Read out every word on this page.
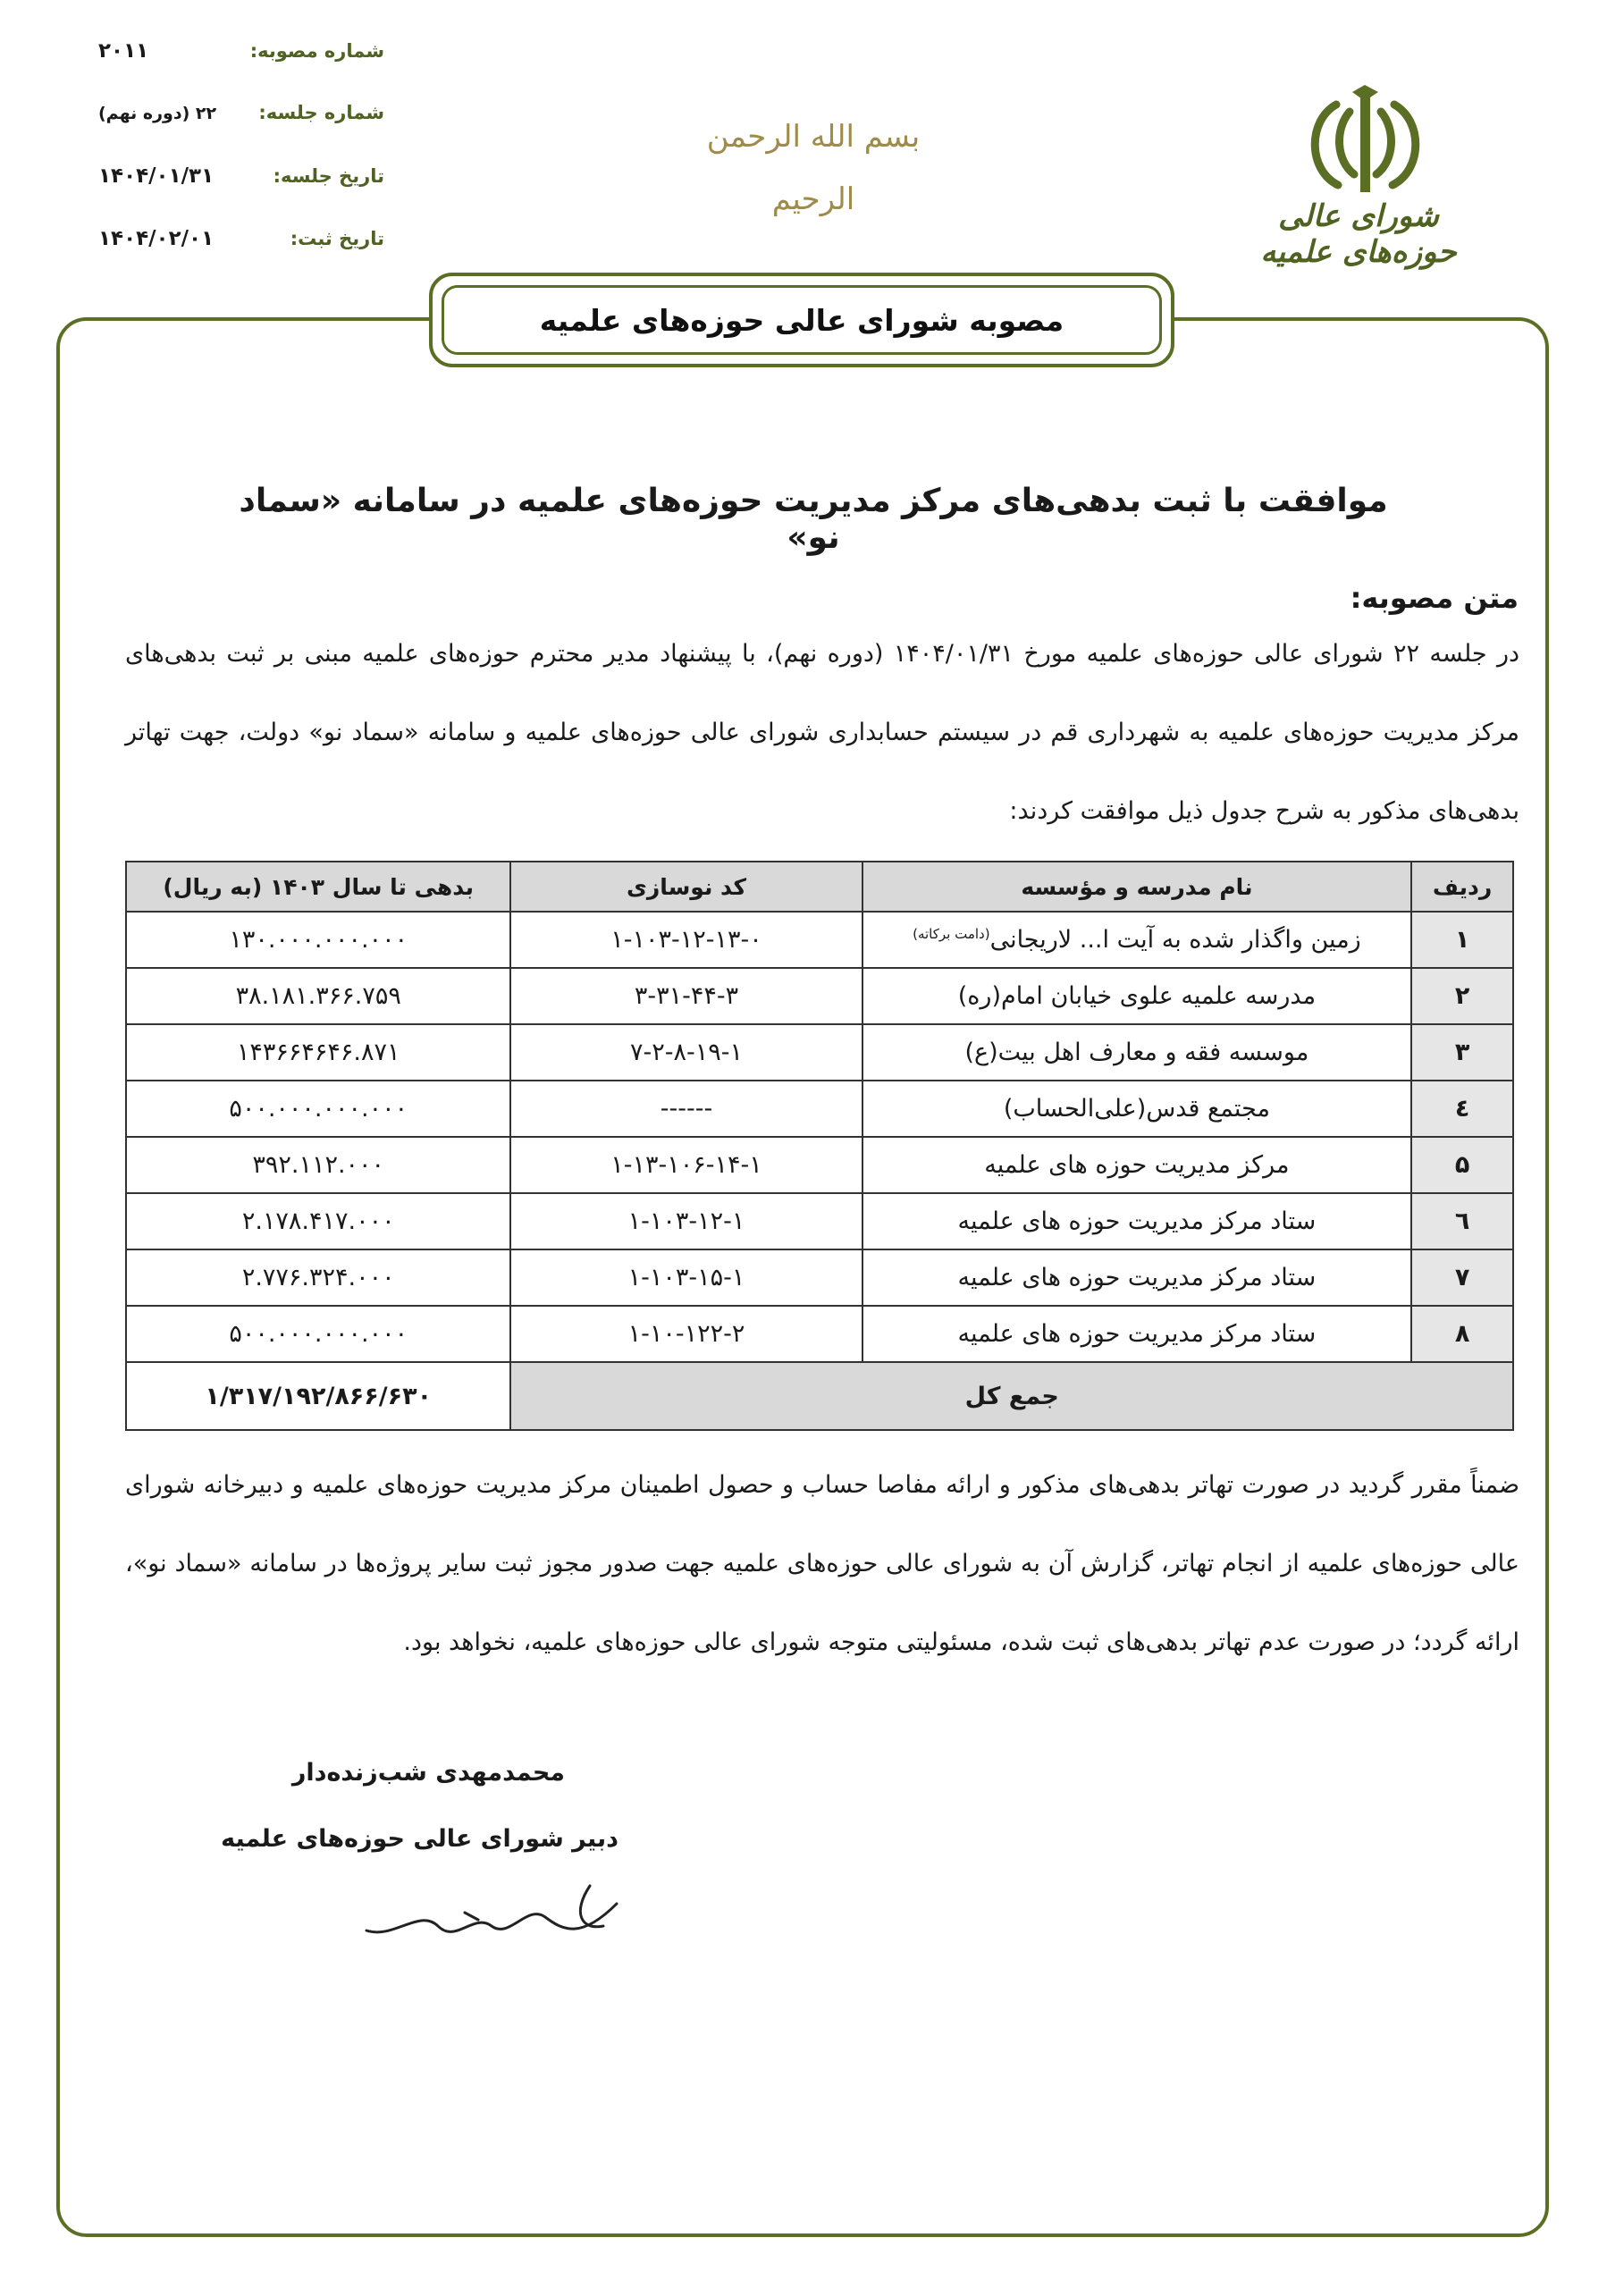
شماره مصوبه:
۲۰۱۱
شماره جلسه:
۲۲ (دوره نهم)
تاریخ جلسه:
۱۴۰۴/۰۱/۳۱
تاریخ ثبت:
۱۴۰۴/۰۲/۰۱
بسم الله الرحمن الرحیم	شورای عالی حوزه‌های علمیه
مصوبه شورای عالی حوزه‌های علمیه
موافقت با ثبت بدهی‌های مرکز مدیریت حوزه‌های علمیه در سامانه «سماد نو»
متن مصوبه:
در جلسه ۲۲ شورای عالی حوزه‌های علمیه مورخ ۱۴۰۴/۰۱/۳۱ (دوره نهم)، با پیشنهاد مدیر محترم حوزه‌های علمیه مبنی بر ثبت بدهی‌های مرکز مدیریت حوزه‌های علمیه به شهرداری قم در سیستم حسابداری شورای عالی حوزه‌های علمیه و سامانه «سماد نو» دولت، جهت تهاتر بدهی‌های مذکور به شرح جدول ذیل موافقت کردند:
ردیف	نام مدرسه و مؤسسه	کد نوسازی	بدهی تا سال ۱۴۰۳ (به ریال)
۱	زمین واگذار شده به آیت ا... لاریجانی$^{(دامت برکاته)}$	۱-۱۰۳-۱۲-۱۳-۰	۱۳۰.۰۰۰.۰۰۰.۰۰۰
۲	مدرسه علمیه علوی خیابان امام(ره)	۳-۳۱-۴۴-۳	۳۸.۱۸۱.۳۶۶.۷۵۹
۳	موسسه فقه و معارف اهل بیت(ع)	۷-۲-۸-۱۹-۱	۱۴۳۶۶۴۶۴۶.۸۷۱
٤	مجتمع قدس(علی‌الحساب)	------	۵۰۰.۰۰۰.۰۰۰.۰۰۰
۵	مرکز مدیریت حوزه های علمیه	۱-۱۳-۱۰۶-۱۴-۱	۳۹۲.۱۱۲.۰۰۰
٦	ستاد مرکز مدیریت حوزه های علمیه	۱-۱۰۳-۱۲-۱	۲.۱۷۸.۴۱۷.۰۰۰
۷	ستاد مرکز مدیریت حوزه های علمیه	۱-۱۰۳-۱۵-۱	۲.۷۷۶.۳۲۴.۰۰۰
۸	ستاد مرکز مدیریت حوزه های علمیه	۱-۱۰-۱۲۲-۲	۵۰۰.۰۰۰.۰۰۰.۰۰۰
جمع کل			۱/۳۱۷/۱۹۲/۸۶۶/۶۳۰
ضمناً مقرر گردید در صورت تهاتر بدهی‌های مذکور و ارائه مفاصا حساب و حصول اطمینان مرکز مدیریت حوزه‌های علمیه و دبیرخانه شورای عالی حوزه‌های علمیه از انجام تهاتر، گزارش آن به شورای عالی حوزه‌های علمیه جهت صدور مجوز ثبت سایر پروژه‌ها در سامانه «سماد نو»، ارائه گردد؛ در صورت عدم تهاتر بدهی‌های ثبت شده، مسئولیتی متوجه شورای عالی حوزه‌های علمیه، نخواهد بود.
محمدمهدی شب‌زنده‌دار
دبیر شورای عالی حوزه‌های علمیه
